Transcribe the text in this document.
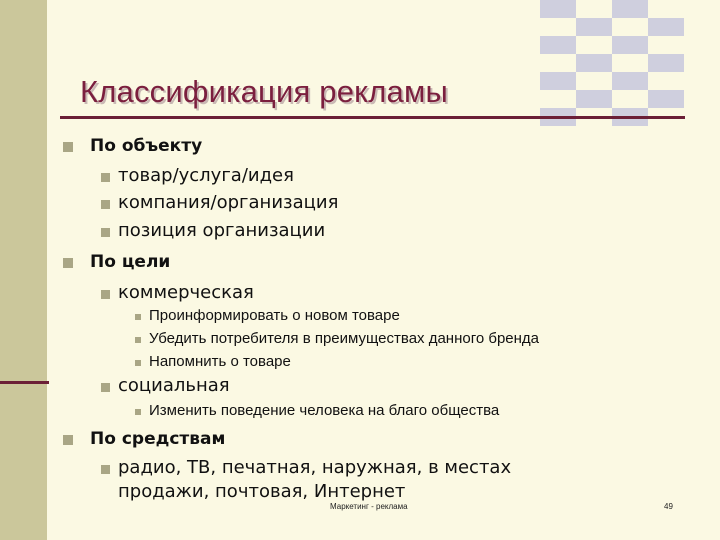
Классификация рекламы
По объекту
товар/услуга/идея
компания/организация
позиция организации
По цели
коммерческая
Проинформировать о новом товаре
Убедить потребителя в преимуществах данного бренда
Напомнить о товаре
социальная
Изменить поведение человека на благо общества
По средствам
радио, ТВ, печатная, наружная, в местах продажи, почтовая, Интернет
Маркетинг - реклама	49
